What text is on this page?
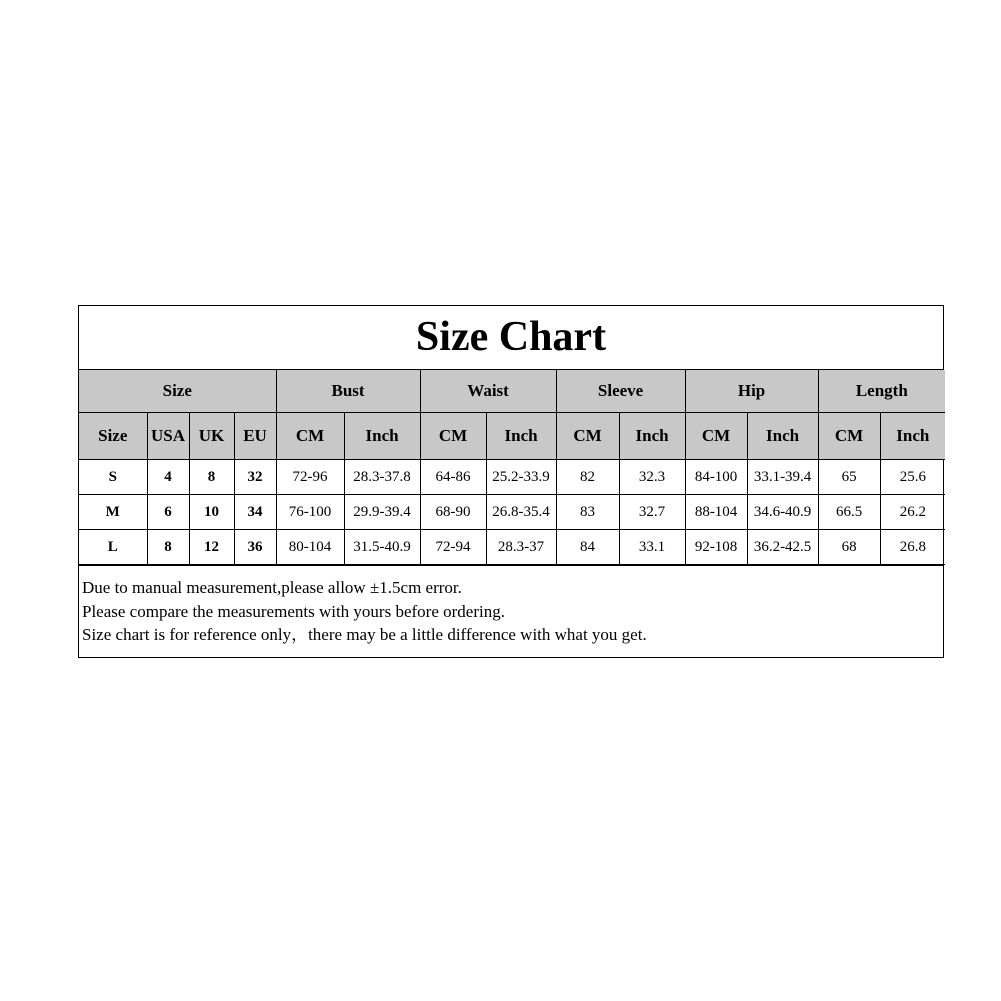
Size Chart
Size				Bust		Waist		Sleeve		Hip		Length	
Size	USA	UK	EU	CM	Inch	CM	Inch	CM	Inch	CM	Inch	CM	Inch
S	4	8	32	72-96	28.3-37.8	64-86	25.2-33.9	82	32.3	84-100	33.1-39.4	65	25.6
M	6	10	34	76-100	29.9-39.4	68-90	26.8-35.4	83	32.7	88-104	34.6-40.9	66.5	26.2
L	8	12	36	80-104	31.5-40.9	72-94	28.3-37	84	33.1	92-108	36.2-42.5	68	26.8
Due to manual measurement,please allow ±1.5cm error.
Please compare the measurements with yours before ordering.
Size chart is for reference only，there may be a little difference with what you get.
